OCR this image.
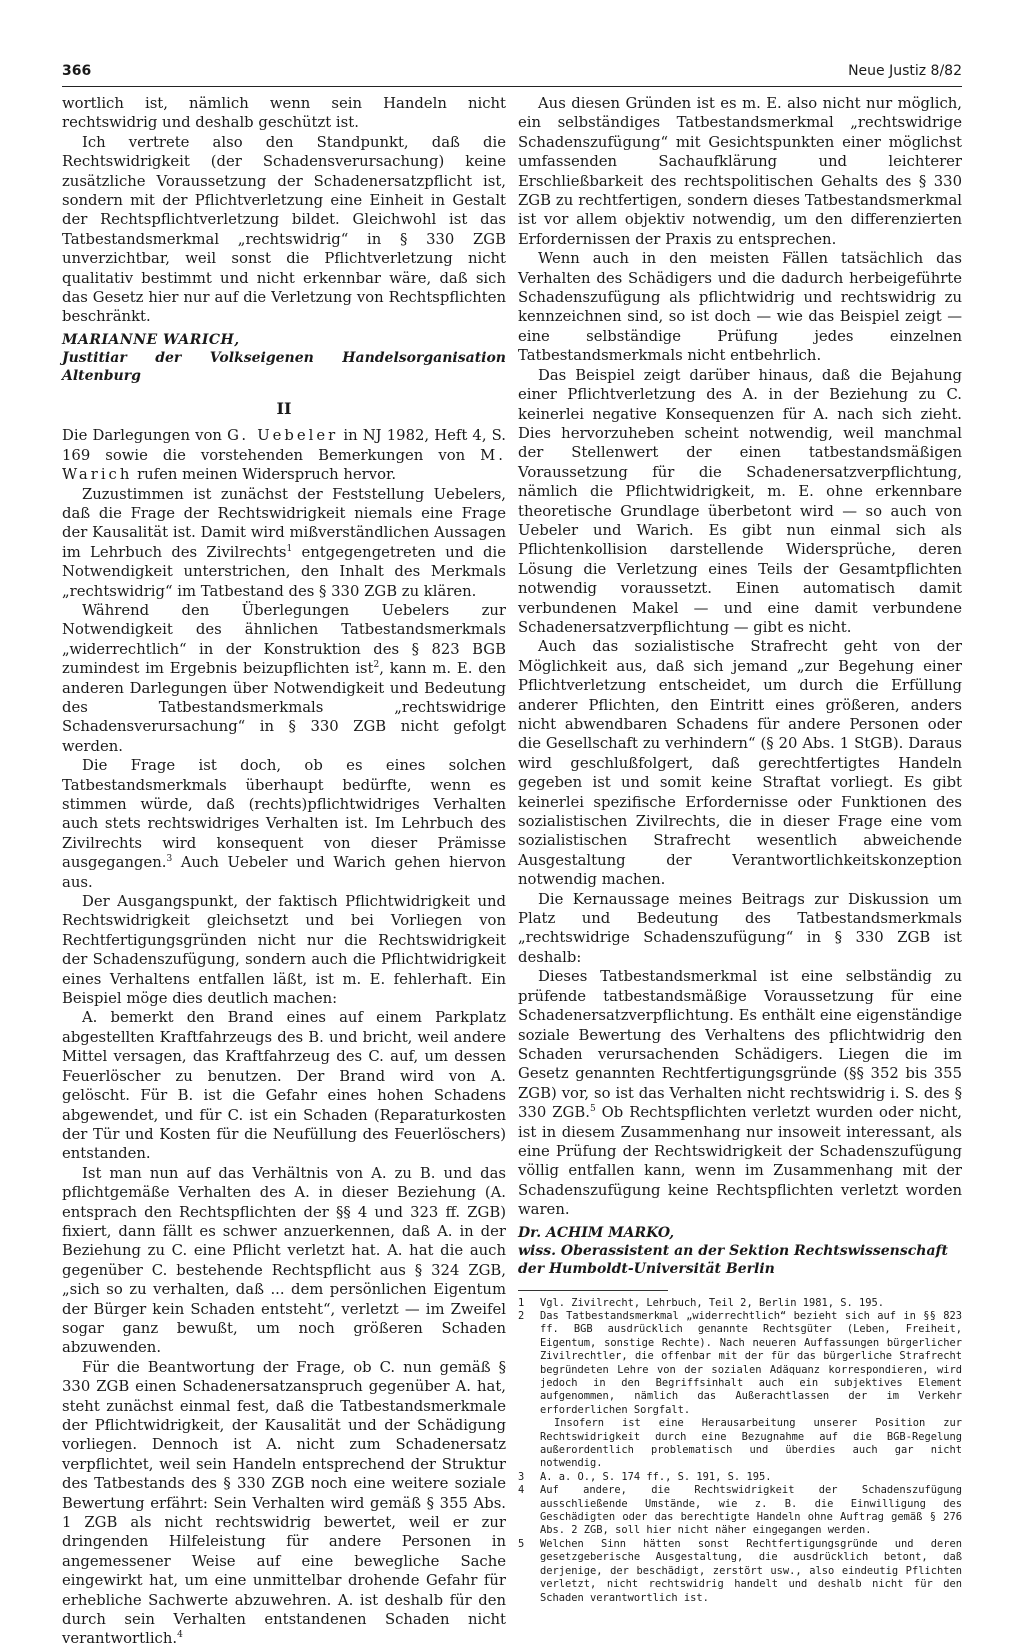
366	Neue Justiz 8/82

wortlich ist, nämlich wenn sein Handeln nicht rechtswidrig und deshalb geschützt ist.

Ich vertrete also den Standpunkt, daß die Rechtswidrigkeit (der Schadensverursachung) keine zusätzliche Voraussetzung der Schadenersatzpflicht ist, sondern mit der Pflichtverletzung eine Einheit in Gestalt der Rechtspflichtverletzung bildet. Gleichwohl ist das Tatbestandsmerkmal „rechtswidrig“ in § 330 ZGB unverzichtbar, weil sonst die Pflichtverletzung nicht qualitativ bestimmt und nicht erkennbar wäre, daß sich das Gesetz hier nur auf die Verletzung von Rechtspflichten beschränkt.

MARIANNE WARICH,
Justitiar der Volkseigenen Handelsorganisation Altenburg
II

Die Darlegungen von G. Uebeler in NJ 1982, Heft 4, S. 169 sowie die vorstehenden Bemerkungen von M. Warich rufen meinen Widerspruch hervor.

Zuzustimmen ist zunächst der Feststellung Uebelers, daß die Frage der Rechtswidrigkeit niemals eine Frage der Kausalität ist. Damit wird mißverständlichen Aussagen im Lehrbuch des Zivilrechts$^1$ entgegengetreten und die Notwendigkeit unterstrichen, den Inhalt des Merkmals „rechtswidrig“ im Tatbestand des § 330 ZGB zu klären.

Während den Überlegungen Uebelers zur Notwendigkeit des ähnlichen Tatbestandsmerkmals „widerrechtlich“ in der Konstruktion des § 823 BGB zumindest im Ergebnis beizupflichten ist$^2$, kann m. E. den anderen Darlegungen über Notwendigkeit und Bedeutung des Tatbestandsmerkmals „rechtswidrige Schadensverursachung“ in § 330 ZGB nicht gefolgt werden.

Die Frage ist doch, ob es eines solchen Tatbestandsmerkmals überhaupt bedürfte, wenn es stimmen würde, daß (rechts)pflichtwidriges Verhalten auch stets rechtswidriges Verhalten ist. Im Lehrbuch des Zivilrechts wird konsequent von dieser Prämisse ausgegangen.$^3$ Auch Uebeler und Warich gehen hiervon aus.

Der Ausgangspunkt, der faktisch Pflichtwidrigkeit und Rechtswidrigkeit gleichsetzt und bei Vorliegen von Rechtfertigungsgründen nicht nur die Rechtswidrigkeit der Schadenszufügung, sondern auch die Pflichtwidrigkeit eines Verhaltens entfallen läßt, ist m. E. fehlerhaft. Ein Beispiel möge dies deutlich machen:

A. bemerkt den Brand eines auf einem Parkplatz abgestellten Kraftfahrzeugs des B. und bricht, weil andere Mittel versagen, das Kraftfahrzeug des C. auf, um dessen Feuerlöscher zu benutzen. Der Brand wird von A. gelöscht. Für B. ist die Gefahr eines hohen Schadens abgewendet, und für C. ist ein Schaden (Reparaturkosten der Tür und Kosten für die Neufüllung des Feuerlöschers) entstanden.

Ist man nun auf das Verhältnis von A. zu B. und das pflichtgemäße Verhalten des A. in dieser Beziehung (A. entsprach den Rechtspflichten der §§ 4 und 323 ff. ZGB) fixiert, dann fällt es schwer anzuerkennen, daß A. in der Beziehung zu C. eine Pflicht verletzt hat. A. hat die auch gegenüber C. bestehende Rechtspflicht aus § 324 ZGB, „sich so zu verhalten, daß ... dem persönlichen Eigentum der Bürger kein Schaden entsteht“, verletzt — im Zweifel sogar ganz bewußt, um noch größeren Schaden abzuwenden.

Für die Beantwortung der Frage, ob C. nun gemäß § 330 ZGB einen Schadenersatzanspruch gegenüber A. hat, steht zunächst einmal fest, daß die Tatbestandsmerkmale der Pflichtwidrigkeit, der Kausalität und der Schädigung vorliegen. Dennoch ist A. nicht zum Schadenersatz verpflichtet, weil sein Handeln entsprechend der Struktur des Tatbestands des § 330 ZGB noch eine weitere soziale Bewertung erfährt: Sein Verhalten wird gemäß § 355 Abs. 1 ZGB als nicht rechtswidrig bewertet, weil er zur dringenden Hilfeleistung für andere Personen in angemessener Weise auf eine bewegliche Sache eingewirkt hat, um eine unmittelbar drohende Gefahr für erhebliche Sachwerte abzuwehren. A. ist deshalb für den durch sein Verhalten entstandenen Schaden nicht verantwortlich.$^4$

Aus diesen Gründen ist es m. E. also nicht nur möglich, ein selbständiges Tatbestandsmerkmal „rechtswidrige Schadenszufügung“ mit Gesichtspunkten einer möglichst umfassenden Sachaufklärung und leichterer Erschließbarkeit des rechtspolitischen Gehalts des § 330 ZGB zu rechtfertigen, sondern dieses Tatbestandsmerkmal ist vor allem objektiv notwendig, um den differenzierten Erfordernissen der Praxis zu entsprechen.

Wenn auch in den meisten Fällen tatsächlich das Verhalten des Schädigers und die dadurch herbeigeführte Schadenszufügung als pflichtwidrig und rechtswidrig zu kennzeichnen sind, so ist doch — wie das Beispiel zeigt — eine selbständige Prüfung jedes einzelnen Tatbestandsmerkmals nicht entbehrlich.

Das Beispiel zeigt darüber hinaus, daß die Bejahung einer Pflichtverletzung des A. in der Beziehung zu C. keinerlei negative Konsequenzen für A. nach sich zieht. Dies hervorzuheben scheint notwendig, weil manchmal der Stellenwert der einen tatbestandsmäßigen Voraussetzung für die Schadenersatzverpflichtung, nämlich die Pflichtwidrigkeit, m. E. ohne erkennbare theoretische Grundlage überbetont wird — so auch von Uebeler und Warich. Es gibt nun einmal sich als Pflichtenkollision darstellende Widersprüche, deren Lösung die Verletzung eines Teils der Gesamtpflichten notwendig voraussetzt. Einen automatisch damit verbundenen Makel — und eine damit verbundene Schadenersatzverpflichtung — gibt es nicht.

Auch das sozialistische Strafrecht geht von der Möglichkeit aus, daß sich jemand „zur Begehung einer Pflichtverletzung entscheidet, um durch die Erfüllung anderer Pflichten, den Eintritt eines größeren, anders nicht abwendbaren Schadens für andere Personen oder die Gesellschaft zu verhindern“ (§ 20 Abs. 1 StGB). Daraus wird geschlußfolgert, daß gerechtfertigtes Handeln gegeben ist und somit keine Straftat vorliegt. Es gibt keinerlei spezifische Erfordernisse oder Funktionen des sozialistischen Zivilrechts, die in dieser Frage eine vom sozialistischen Strafrecht wesentlich abweichende Ausgestaltung der Verantwortlichkeitskonzeption notwendig machen.

Die Kernaussage meines Beitrags zur Diskussion um Platz und Bedeutung des Tatbestandsmerkmals „rechtswidrige Schadenszufügung“ in § 330 ZGB ist deshalb:

Dieses Tatbestandsmerkmal ist eine selbständig zu prüfende tatbestandsmäßige Voraussetzung für eine Schadenersatzverpflichtung. Es enthält eine eigenständige soziale Bewertung des Verhaltens des pflichtwidrig den Schaden verursachenden Schädigers. Liegen die im Gesetz genannten Rechtfertigungsgründe (§§ 352 bis 355 ZGB) vor, so ist das Verhalten nicht rechtswidrig i. S. des § 330 ZGB.$^5$ Ob Rechtspflichten verletzt wurden oder nicht, ist in diesem Zusammenhang nur insoweit interessant, als eine Prüfung der Rechtswidrigkeit der Schadenszufügung völlig entfallen kann, wenn im Zusammenhang mit der Schadenszufügung keine Rechtspflichten verletzt worden waren.

Dr. ACHIM MARKO,
wiss. Oberassistent an der Sektion Rechtswissenschaft
der Humboldt-Universität Berlin
1	Vgl. Zivilrecht, Lehrbuch, Teil 2, Berlin 1981, S. 195.
2	Das Tatbestandsmerkmal „widerrechtlich“ bezieht sich auf in §§ 823 ff. BGB ausdrücklich genannte Rechtsgüter (Leben, Freiheit, Eigentum, sonstige Rechte). Nach neueren Auffassungen bürgerlicher Zivilrechtler, die offenbar mit der für das bürgerliche Strafrecht begründeten Lehre von der sozialen Adäquanz korrespondieren, wird jedoch in den Begriffsinhalt auch ein subjektives Element aufgenommen, nämlich das Außerachtlassen der im Verkehr erforderlichen Sorgfalt.
Insofern ist eine Herausarbeitung unserer Position zur Rechtswidrigkeit durch eine Bezugnahme auf die BGB-Regelung außerordentlich problematisch und überdies auch gar nicht notwendig.
3	A. a. O., S. 174 ff., S. 191, S. 195.
4	Auf andere, die Rechtswidrigkeit der Schadenszufügung ausschließende Umstände, wie z. B. die Einwilligung des Geschädigten oder das berechtigte Handeln ohne Auftrag gemäß § 276 Abs. 2 ZGB, soll hier nicht näher eingegangen werden.
5	Welchen Sinn hätten sonst Rechtfertigungsgründe und deren gesetzgeberische Ausgestaltung, die ausdrücklich betont, daß derjenige, der beschädigt, zerstört usw., also eindeutig Pflichten verletzt, nicht rechtswidrig handelt und deshalb nicht für den Schaden verantwortlich ist.
